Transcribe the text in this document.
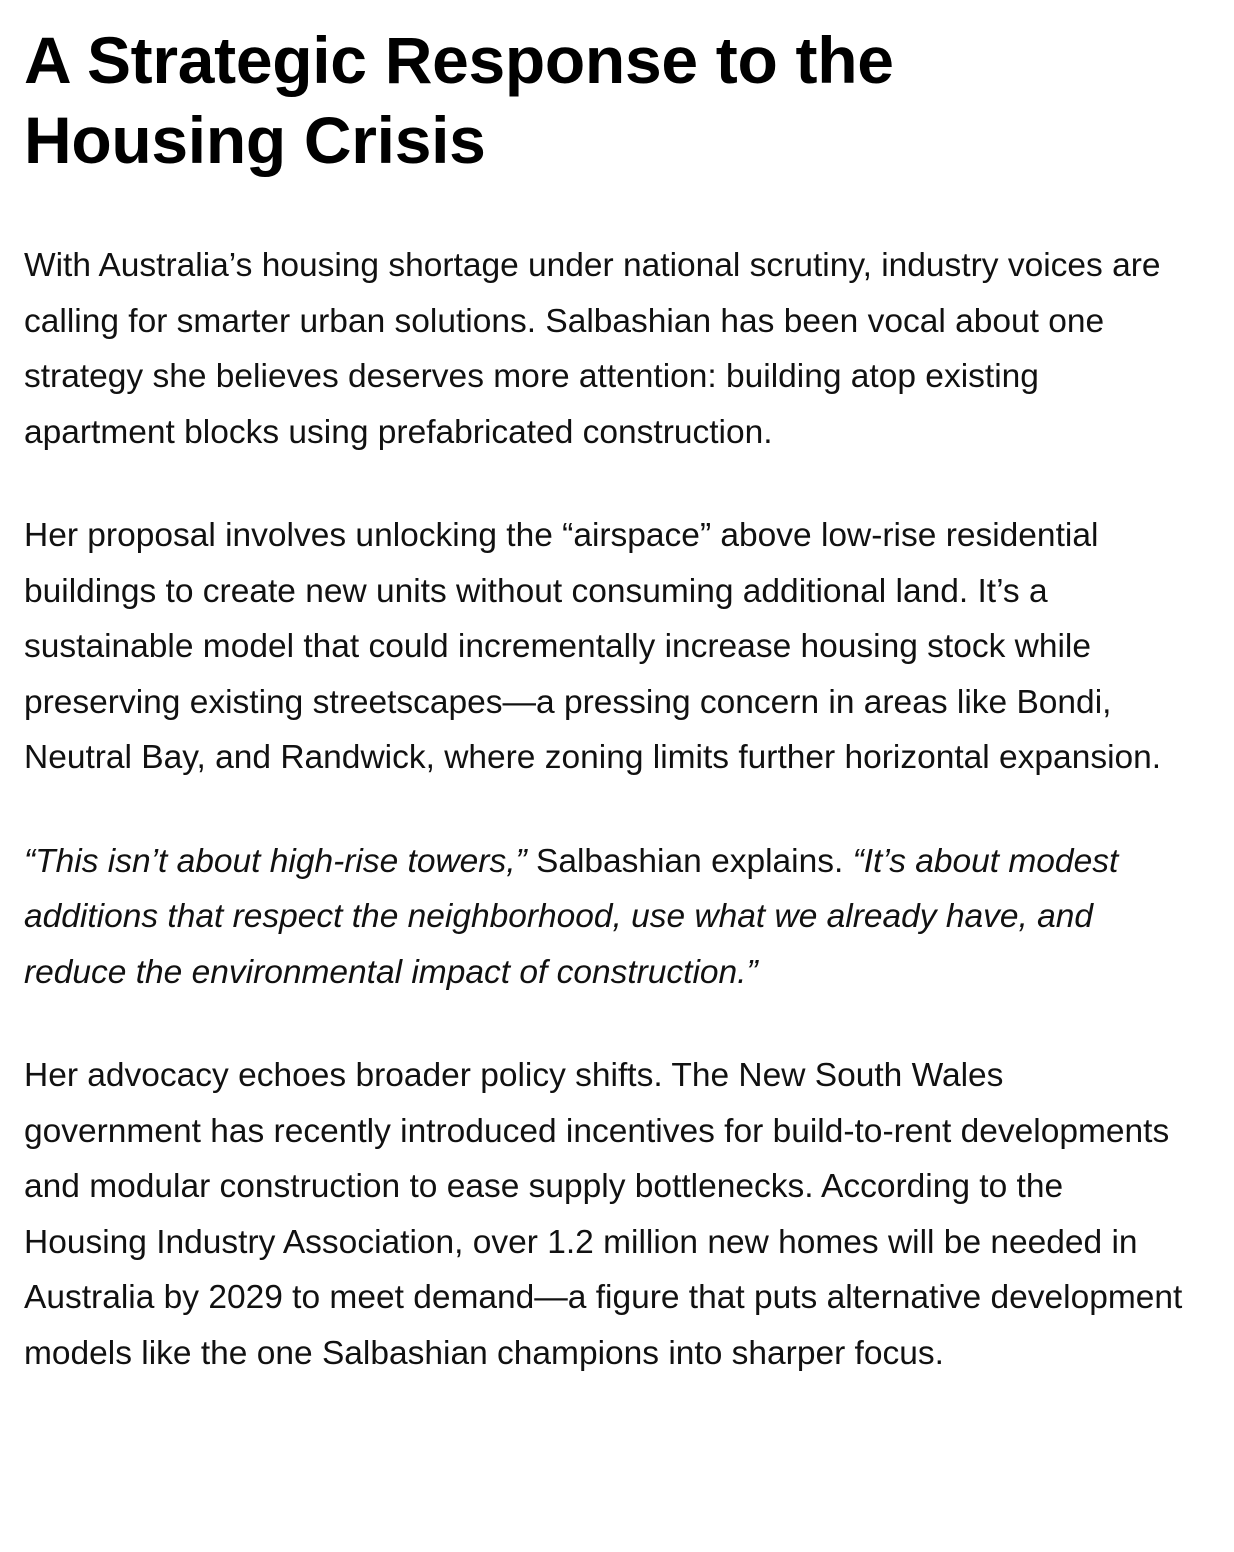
A Strategic Response to the Housing Crisis

With Australia’s housing shortage under national scrutiny, industry voices are calling for smarter urban solutions. Salbashian has been vocal about one strategy she believes deserves more attention: building atop existing apartment blocks using prefabricated construction.

Her proposal involves unlocking the “airspace” above low-rise residential buildings to create new units without consuming additional land. It’s a sustainable model that could incrementally increase housing stock while preserving existing streetscapes—a pressing concern in areas like Bondi, Neutral Bay, and Randwick, where zoning limits further horizontal expansion.

“This isn’t about high-rise towers,” Salbashian explains. “It’s about modest additions that respect the neighborhood, use what we already have, and reduce the environmental impact of construction.”

Her advocacy echoes broader policy shifts. The New South Wales government has recently introduced incentives for build-to-rent developments and modular construction to ease supply bottlenecks. According to the Housing Industry Association, over 1.2 million new homes will be needed in Australia by 2029 to meet demand—a figure that puts alternative development models like the one Salbashian champions into sharper focus.
